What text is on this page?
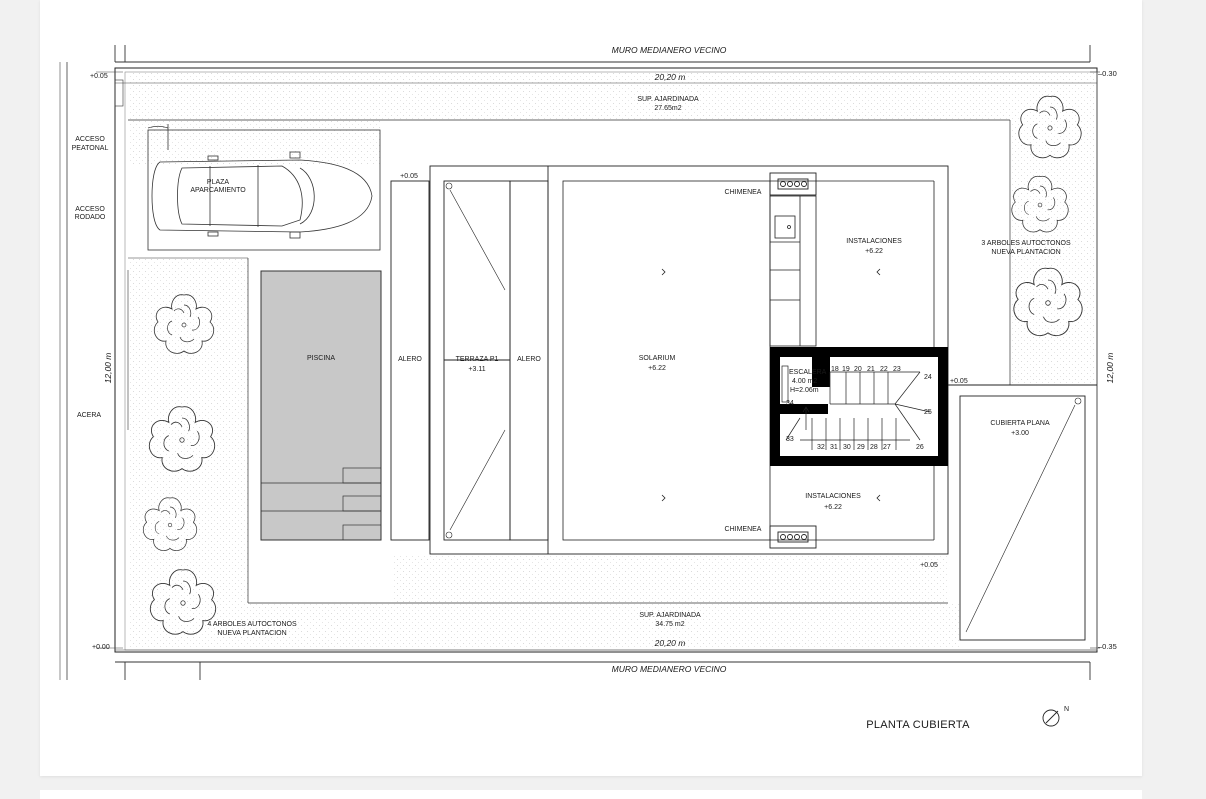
MURO MEDIANERO VECINO
MURO MEDIANERO VECINO
20,20 m
20,20 m
12,00 m	12,00 m
+0.05
+0.00
–0.30
–0.35
SUP. AJARDINADA
27.65m2
SUP. AJARDINADA
34.75 m2
ACCESO
PEATONAL
ACCESO
RODADO
ACERA
PLAZA
APARCAMIENTO
PISCINA	ALERO	ALERO
TERRAZA P1
+3.11
+0.05
SOLARIUM
+6.22
CHIMENEA
CHIMENEA
INSTALACIONES
+6.22
INSTALACIONES
+6.22
ESCALERA
4.00 m2
H=2.06m
18 19 20 21 22 23
32 31 30 29 28 27
24
25
26
33
34
+0.05
CUBIERTA PLANA
+3.00
+0.05
3 ARBOLES AUTOCTONOS
NUEVA PLANTACION
4 ARBOLES AUTOCTONOS
NUEVA PLANTACION
N
PLANTA CUBIERTA
